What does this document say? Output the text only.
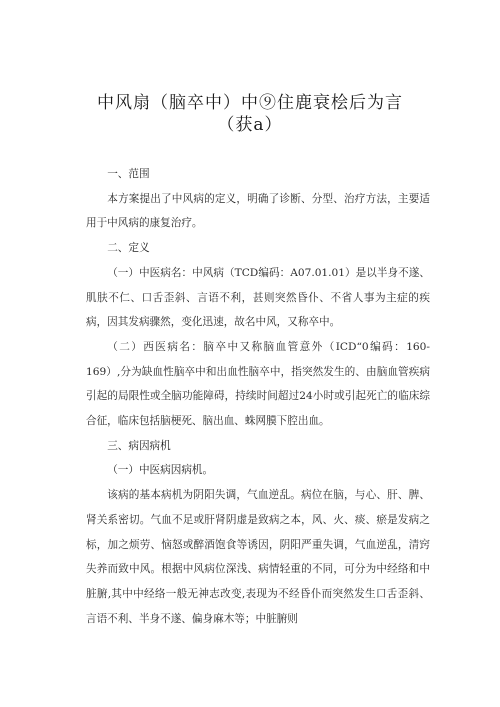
中风扇（脑卒中）中⑨住鹿衰桧后为言
（获a）

一、范围

本方案提出了中风病的定义，明确了诊断、分型、治疗方法，主要适用于中风病的康复治疗。

二、定义

（一）中医病名：中风病（TCD编码：A07.01.01）是以半身不遂、肌肤不仁、口舌歪斜、言语不利，甚则突然昏仆、不省人事为主症的疾病，因其发病骤然，变化迅速，故名中风，又称卒中。

（二）西医病名：脑卒中又称脑血管意外（ICD“0编码：160-169）,分为缺血性脑卒中和出血性脑卒中，指突然发生的、由脑血管疾病引起的局限性或全脑功能障碍，持续时间超过24小时或引起死亡的临床综合征，临床包括脑梗死、脑出血、蛛网膜下腔出血。

三、病因病机

（一）中医病因病机。

该病的基本病机为阴阳失调，气血逆乱。病位在脑，与心、肝、脾、肾关系密切。气血不足或肝肾阴虚是致病之本，风、火、痰、瘀是发病之标，加之烦劳、恼怒或醉酒饱食等诱因，阴阳严重失调，气血逆乱，清窍失养而致中风。根据中风病位深浅、病情轻重的不同，可分为中经络和中脏腑,其中中经络一般无神志改变,表现为不经昏仆而突然发生口舌歪斜、言语不利、半身不遂、偏身麻木等；中脏腑则
